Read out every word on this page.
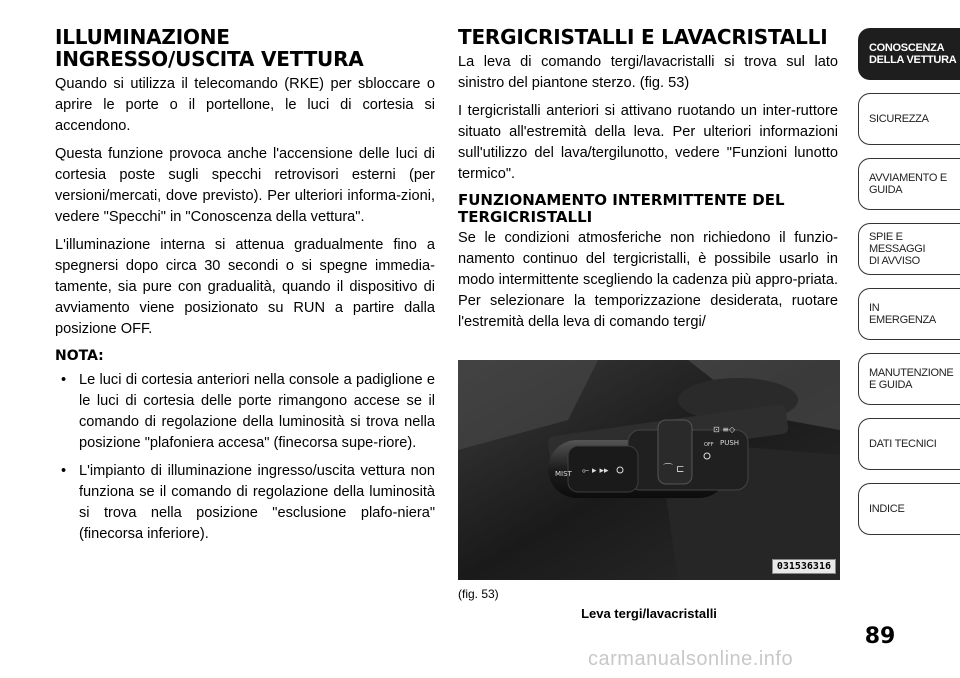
ILLUMINAZIONE INGRESSO/USCITA VETTURA

Quando si utilizza il telecomando (RKE) per sbloccare o aprire le porte o il portellone, le luci di cortesia si accendono.

Questa funzione provoca anche l'accensione delle luci di cortesia poste sugli specchi retrovisori esterni (per versioni/mercati, dove previsto). Per ulteriori informa-zioni, vedere "Specchi" in "Conoscenza della vettura".

L'illuminazione interna si attenua gradualmente fino a spegnersi dopo circa 30 secondi o si spegne immedia-tamente, sia pure con gradualità, quando il dispositivo di avviamento viene posizionato su RUN a partire dalla posizione OFF.

NOTA:
• Le luci di cortesia anteriori nella console a padiglione e le luci di cortesia delle porte rimangono accese se il comando di regolazione della luminosità si trova nella posizione "plafoniera accesa" (finecorsa supe-riore).
• L'impianto di illuminazione ingresso/uscita vettura non funziona se il comando di regolazione della luminosità si trova nella posizione "esclusione plafo-niera" (finecorsa inferiore).
TERGICRISTALLI E LAVACRISTALLI

La leva di comando tergi/lavacristalli si trova sul lato sinistro del piantone sterzo. (fig. 53)

I tergicristalli anteriori si attivano ruotando un inter-ruttore situato all'estremità della leva. Per ulteriori informazioni sull'utilizzo del lava/tergilunotto, vedere "Funzioni lunotto termico".

FUNZIONAMENTO INTERMITTENTE DEL TERGICRISTALLI

Se le condizioni atmosferiche non richiedono il funzio-namento continuo del tergicristalli, è possibile usarlo in modo intermittente scegliendo la cadenza più appro-priata. Per selezionare la temporizzazione desiderata, ruotare l'estremità della leva di comando tergi/

MIST ⟜ ▸ ▸▸	⌒ ⊏
⊡ ≡◇
PUSH
OFF
031536316
(fig. 53)
Leva tergi/lavacristalli
CONOSCENZA
DELLA VETTURA
SICUREZZA
AVVIAMENTO E
GUIDA
SPIE E
MESSAGGI
DI AVVISO
IN
EMERGENZA
MANUTENZIONE
E GUIDA
DATI TECNICI
INDICE
89
carmanualsonline.info
